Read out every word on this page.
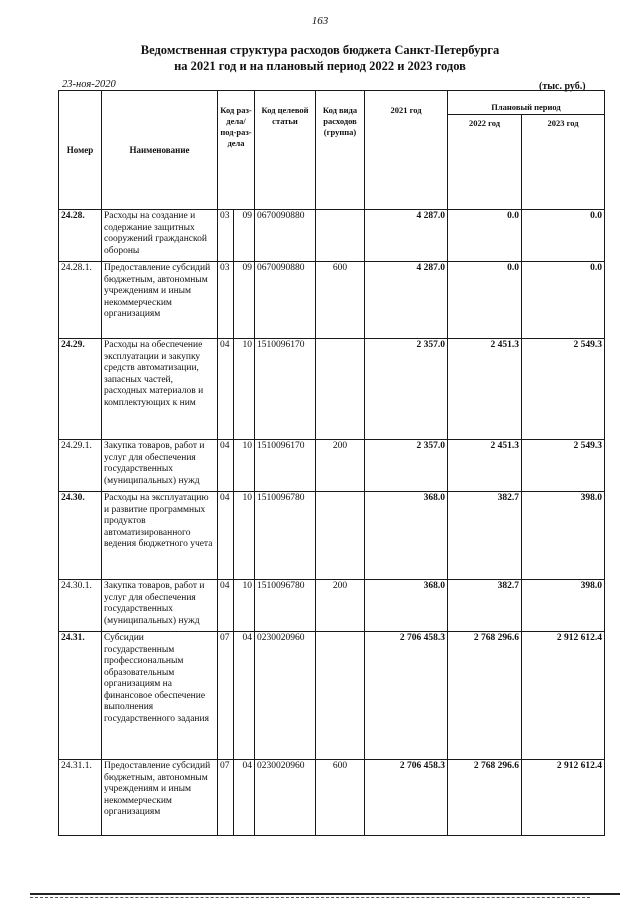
163
Ведомственная структура расходов бюджета Санкт-Петербурга
на 2021 год и на плановый период 2022 и 2023 годов
23-ноя-2020	(тыс. руб.)
Номер	Наименование	Код раз-дела/ под-раз-дела		Код целевой статьи	Код вида расходов (группа)	2021 год	Плановый период	
							2022 год	2023 год
24.28.	Расходы на создание и содержание защитных сооружений гражданской обороны	03	09	0670090880		4 287.0	0.0	0.0
24.28.1.	Предоставление субсидий бюджетным, автономным учреждениям и иным некоммерческим организациям	03	09	0670090880	600	4 287.0	0.0	0.0
24.29.	Расходы на обеспечение эксплуатации и закупку средств автоматизации, запасных частей, расходных материалов и комплектующих к ним	04	10	1510096170		2 357.0	2 451.3	2 549.3
24.29.1.	Закупка товаров, работ и услуг для обеспечения государственных (муниципальных) нужд	04	10	1510096170	200	2 357.0	2 451.3	2 549.3
24.30.	Расходы на эксплуатацию и развитие программных продуктов автоматизированного ведения бюджетного учета	04	10	1510096780		368.0	382.7	398.0
24.30.1.	Закупка товаров, работ и услуг для обеспечения государственных (муниципальных) нужд	04	10	1510096780	200	368.0	382.7	398.0
24.31.	Субсидии государственным профессиональным образовательным организациям на финансовое обеспечение выполнения государственного задания	07	04	0230020960		2 706 458.3	2 768 296.6	2 912 612.4
24.31.1.	Предоставление субсидий бюджетным, автономным учреждениям и иным некоммерческим организациям	07	04	0230020960	600	2 706 458.3	2 768 296.6	2 912 612.4
